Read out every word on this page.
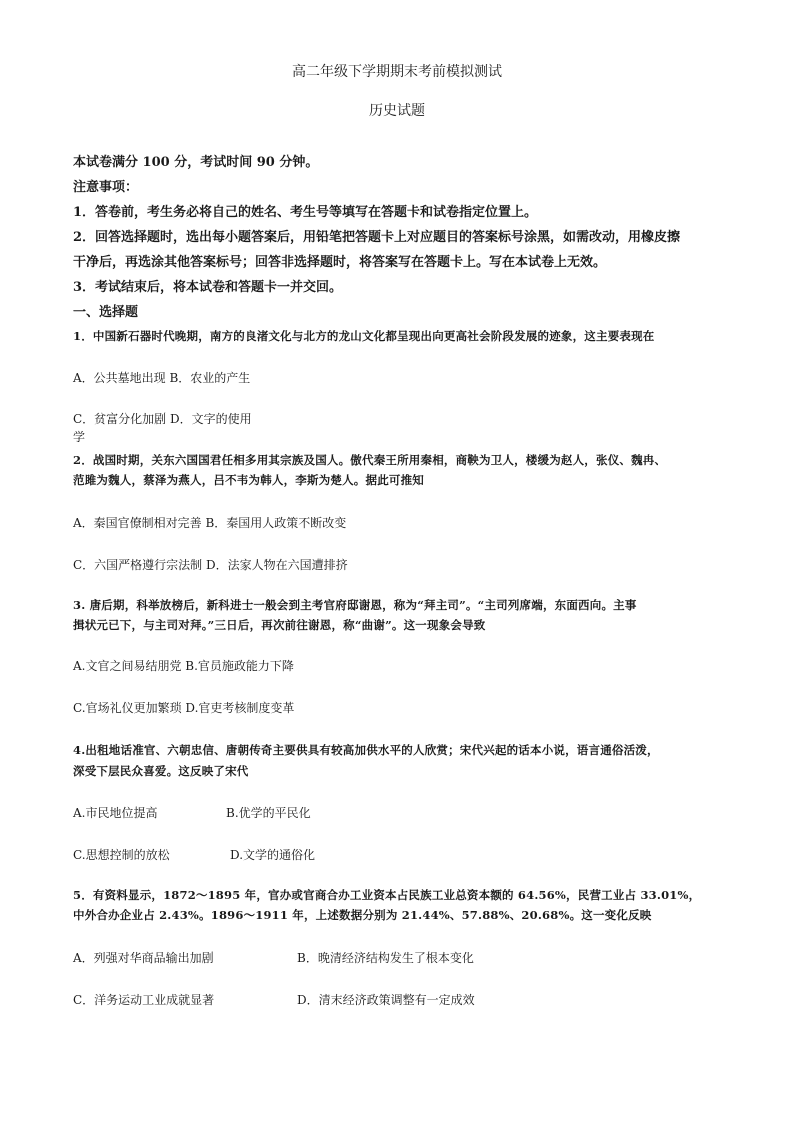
高二年级下学期期末考前模拟测试
历史试题
本试卷满分 100 分，考试时间 90 分钟。
注意事项：
1．答卷前，考生务必将自己的姓名、考生号等填写在答题卡和试卷指定位置上。
2．回答选择题时，选出每小题答案后，用铅笔把答题卡上对应题目的答案标号涂黑，如需改动，用橡皮擦
干净后，再选涂其他答案标号；回答非选择题时，将答案写在答题卡上。写在本试卷上无效。
3．考试结束后，将本试卷和答题卡一并交回。
一、选择题
1．中国新石器时代晚期，南方的良渚文化与北方的龙山文化都呈现出向更高社会阶段发展的迹象，这主要表现在
A．公共墓地出现 B．农业的产生
C．贫富分化加剧 D．文字的使用
学
2．战国时期，关东六国国君任相多用其宗族及国人。傲代秦王所用秦相，商鞅为卫人，楼缓为赵人，张仪、魏冉、
范雎为魏人，蔡泽为燕人，吕不韦为韩人，李斯为楚人。据此可推知
A．秦国官僚制相对完善 B．秦国用人政策不断改变
C．六国严格遵行宗法制 D．法家人物在六国遭排挤
3. 唐后期，科举放榜后，新科进士一般会到主考官府邸谢恩，称为“拜主司”。“主司列席端，东面西向。主事
揖状元已下，与主司对拜。”三日后，再次前往谢恩，称“曲谢”。这一现象会导致
A.文官之间易结朋党 B.官员施政能力下降
C.官场礼仪更加繁琐 D.官吏考核制度变革
4.出租地话准官、六朝忠信、唐朝传奇主要供具有较高加供水平的人欣赏；宋代兴起的话本小说，语言通俗活泼，
深受下层民众喜爱。这反映了宋代
A.市民地位提高	B.优学的平民化
C.思想控制的放松	D.文学的通俗化
5．有资料显示，1872～1895 年，官办或官商合办工业资本占民族工业总资本额的 64.56%，民营工业占 33.01%，
中外合办企业占 2.43%。1896～1911 年，上述数据分别为 21.44%、57.88%、20.68%。这一变化反映
A．列强对华商品输出加剧	B．晚清经济结构发生了根本变化
C．洋务运动工业成就显著	D．清末经济政策调整有一定成效
